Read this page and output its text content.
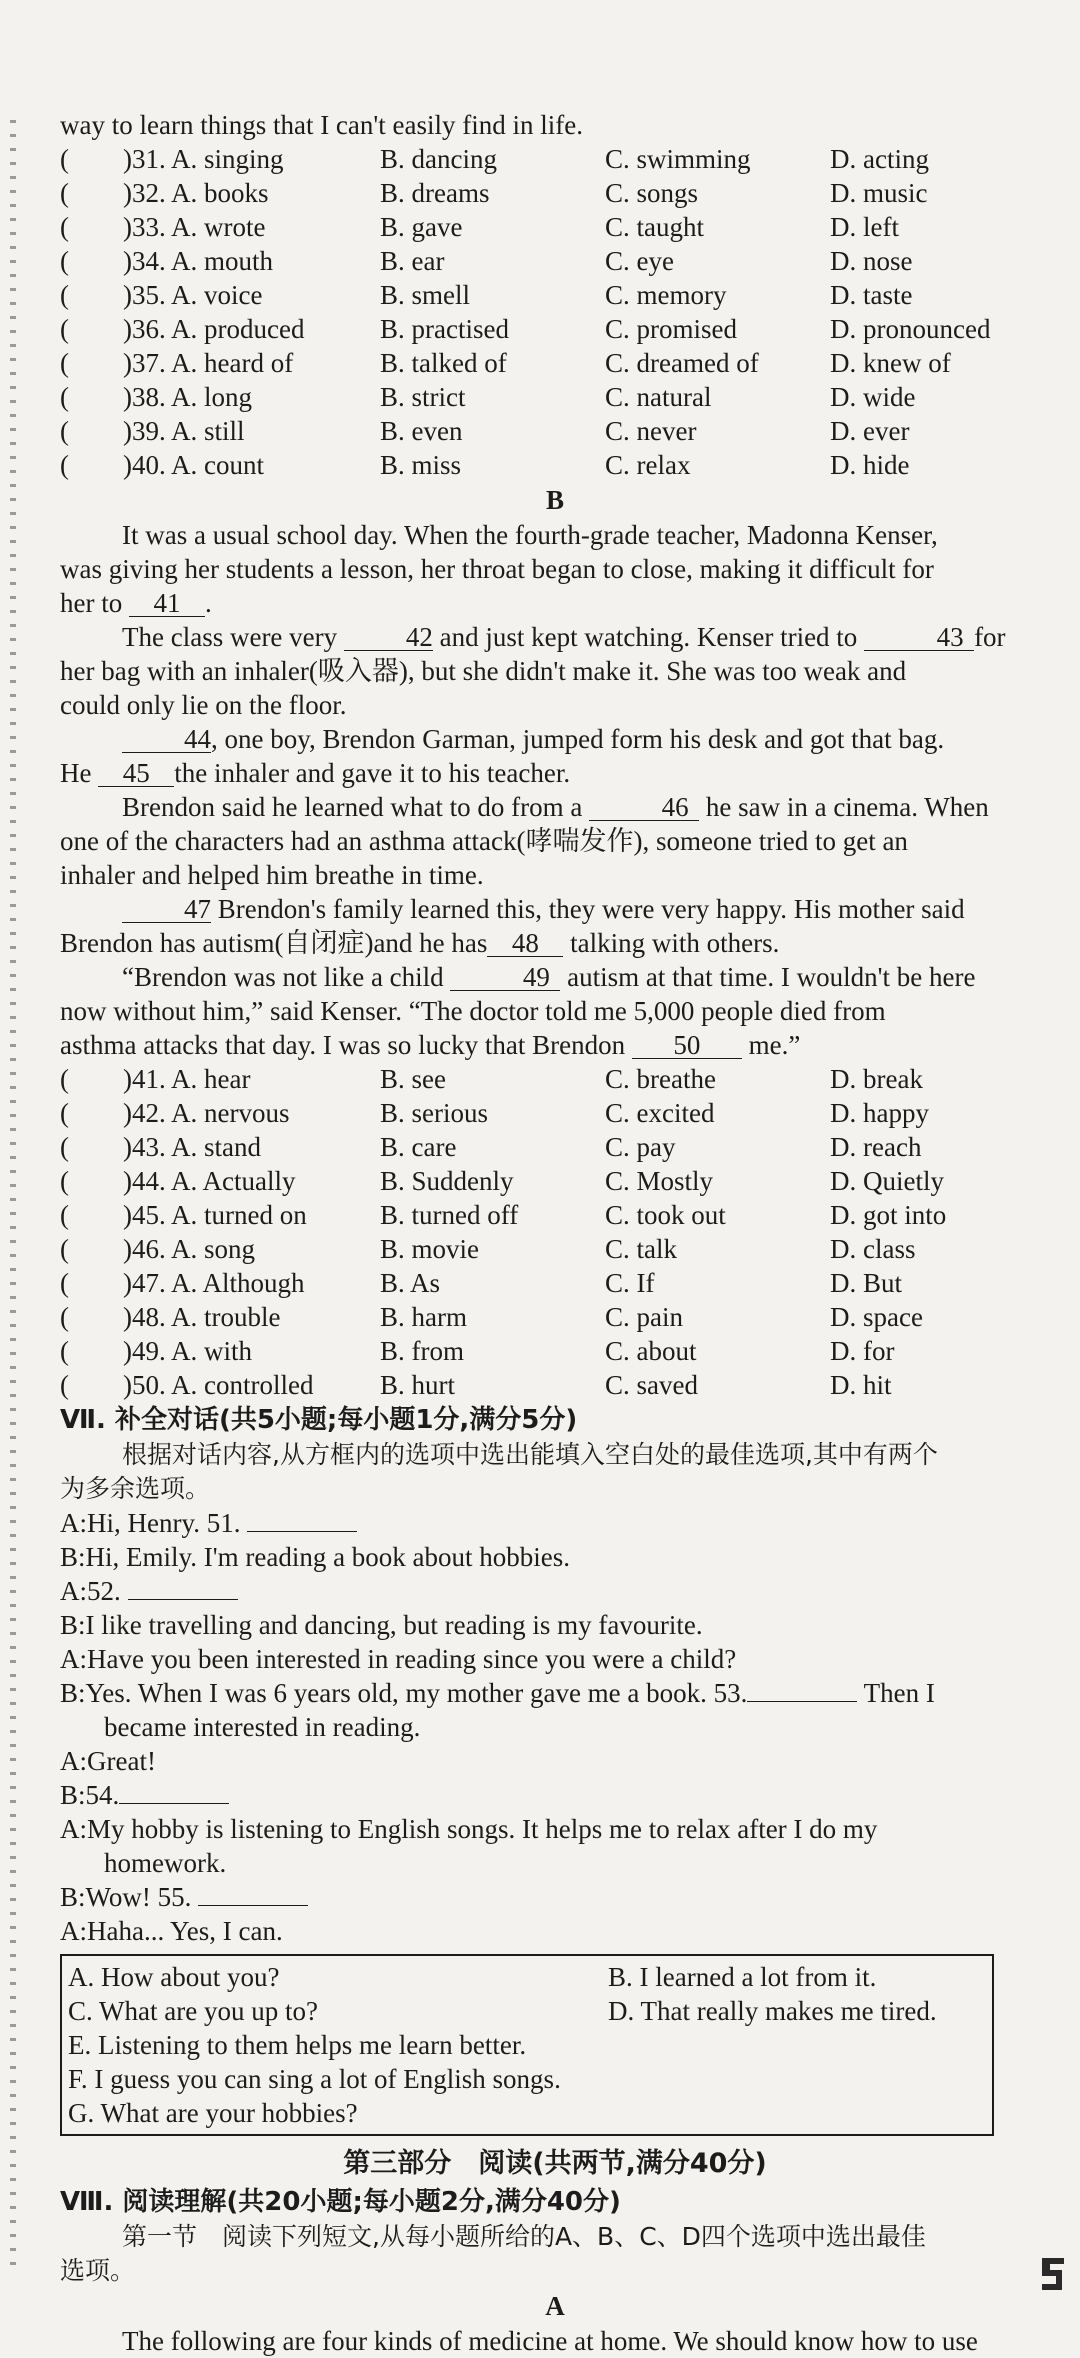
way to learn things that I can't easily find in life.
(　　)31. A. singing	B. dancing	C. swimming	D. acting
(　　)32. A. books	B. dreams	C. songs	D. music
(　　)33. A. wrote	B. gave	C. taught	D. left
(　　)34. A. mouth	B. ear	C. eye	D. nose
(　　)35. A. voice	B. smell	C. memory	D. taste
(　　)36. A. produced	B. practised	C. promised	D. pronounced
(　　)37. A. heard of	B. talked of	C. dreamed of	D. knew of
(　　)38. A. long	B. strict	C. natural	D. wide
(　　)39. A. still	B. even	C. never	D. ever
(　　)40. A. count	B. miss	C. relax	D. hide
B
It was a usual school day. When the fourth-grade teacher, Madonna Kenser,
was giving her students a lesson, her throat began to close, making it difficult for
her to 41 .
The class were very	42 and just kept watching. Kenser tried to	43 for
her bag with an inhaler(吸入器), but she didn't make it. She was too weak and
could only lie on the floor.
44, one boy, Brendon Garman, jumped form his desk and got that bag.
He 45 the inhaler and gave it to his teacher.
Brendon said he learned what to do from a	46 he saw in a cinema. When
one of the characters had an asthma attack(哮喘发作), someone tried to get an
inhaler and helped him breathe in time.
47 Brendon's family learned this, they were very happy. His mother said
Brendon has autism(自闭症)and he has 48 talking with others.
“Brendon was not like a child	49 autism at that time. I wouldn't be here
now without him,” said Kenser. “The doctor told me 5,000 people died from
asthma attacks that day. I was so lucky that Brendon 50 me.”
(　　)41. A. hear	B. see	C. breathe	D. break
(　　)42. A. nervous	B. serious	C. excited	D. happy
(　　)43. A. stand	B. care	C. pay	D. reach
(　　)44. A. Actually	B. Suddenly	C. Mostly	D. Quietly
(　　)45. A. turned on	B. turned off	C. took out	D. got into
(　　)46. A. song	B. movie	C. talk	D. class
(　　)47. A. Although	B. As	C. If	D. But
(　　)48. A. trouble	B. harm	C. pain	D. space
(　　)49. A. with	B. from	C. about	D. for
(　　)50. A. controlled	B. hurt	C. saved	D. hit
Ⅶ. 补全对话(共5小题;每小题1分,满分5分)
根据对话内容,从方框内的选项中选出能填入空白处的最佳选项,其中有两个
为多余选项。
A:Hi, Henry. 51.
B:Hi, Emily. I'm reading a book about hobbies.
A:52.
B:I like travelling and dancing, but reading is my favourite.
A:Have you been interested in reading since you were a child?
B:Yes. When I was 6 years old, my mother gave me a book. 53.	Then I
became interested in reading.
A:Great!
B:54.
A:My hobby is listening to English songs. It helps me to relax after I do my
homework.
B:Wow! 55.
A:Haha... Yes, I can.
A. How about you?	B. I learned a lot from it.
C. What are you up to?	D. That really makes me tired.
E. Listening to them helps me learn better.
F. I guess you can sing a lot of English songs.
G. What are your hobbies?
第三部分　阅读(共两节,满分40分)
Ⅷ. 阅读理解(共20小题;每小题2分,满分40分)
第一节　阅读下列短文,从每小题所给的A、B、C、D四个选项中选出最佳
选项。
A
The following are four kinds of medicine at home. We should know how to use
